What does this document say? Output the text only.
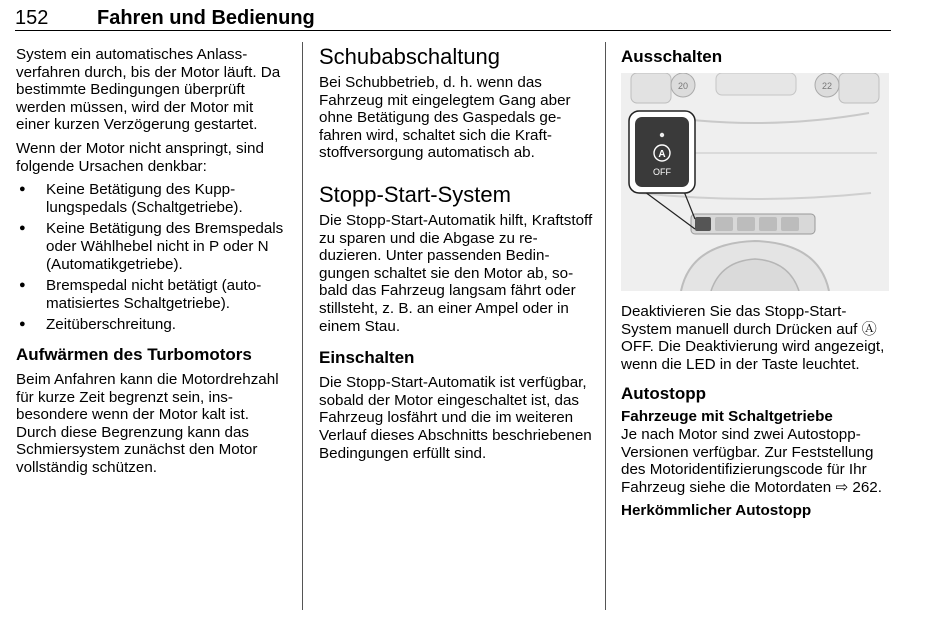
152 Fahren und Bedienung

System ein automatisches Anlassverfahren durch, bis der Motor läuft. Da bestimmte Bedingungen überprüft werden müssen, wird der Motor mit einer kurzen Verzögerung gestartet.

Wenn der Motor nicht anspringt, sind folgende Ursachen denkbar:

● Keine Betätigung des Kupplungspedals (Schaltgetriebe).
● Keine Betätigung des Bremspedals oder Wählhebel nicht in P oder N (Automatikgetriebe).
● Bremspedal nicht betätigt (automatisiertes Schaltgetriebe).
● Zeitüberschreitung.
Aufwärmen des Turbomotors

Beim Anfahren kann die Motordrehzahl für kurze Zeit begrenzt sein, insbesondere wenn der Motor kalt ist. Durch diese Begrenzung kann das Schmiersystem zunächst den Motor vollständig schützen.

Schubabschaltung

Bei Schubbetrieb, d. h. wenn das Fahrzeug mit eingelegtem Gang aber ohne Betätigung des Gaspedals gefahren wird, schaltet sich die Kraftstoffversorgung automatisch ab.

Stopp-Start-System

Die Stopp-Start-Automatik hilft, Kraftstoff zu sparen und die Abgase zu reduzieren. Unter passenden Bedingungen schaltet sie den Motor ab, sobald das Fahrzeug langsam fährt oder stillsteht, z. B. an einer Ampel oder in einem Stau.

Einschalten

Die Stopp-Start-Automatik ist verfügbar, sobald der Motor eingeschaltet ist, das Fahrzeug losfährt und die im weiteren Verlauf dieses Abschnitts beschriebenen Bedingungen erfüllt sind.

Ausschalten
20	22
A
OFF

Deaktivieren Sie das Stopp-Start-System manuell durch Drücken auf Ⓐ OFF. Die Deaktivierung wird angezeigt, wenn die LED in der Taste leuchtet.

Autostopp
Fahrzeuge mit Schaltgetriebe

Je nach Motor sind zwei Autostopp-Versionen verfügbar. Zur Feststellung des Motoridentifizierungscode für Ihr Fahrzeug siehe die Motordaten ⇨ 262.

Herkömmlicher Autostopp
